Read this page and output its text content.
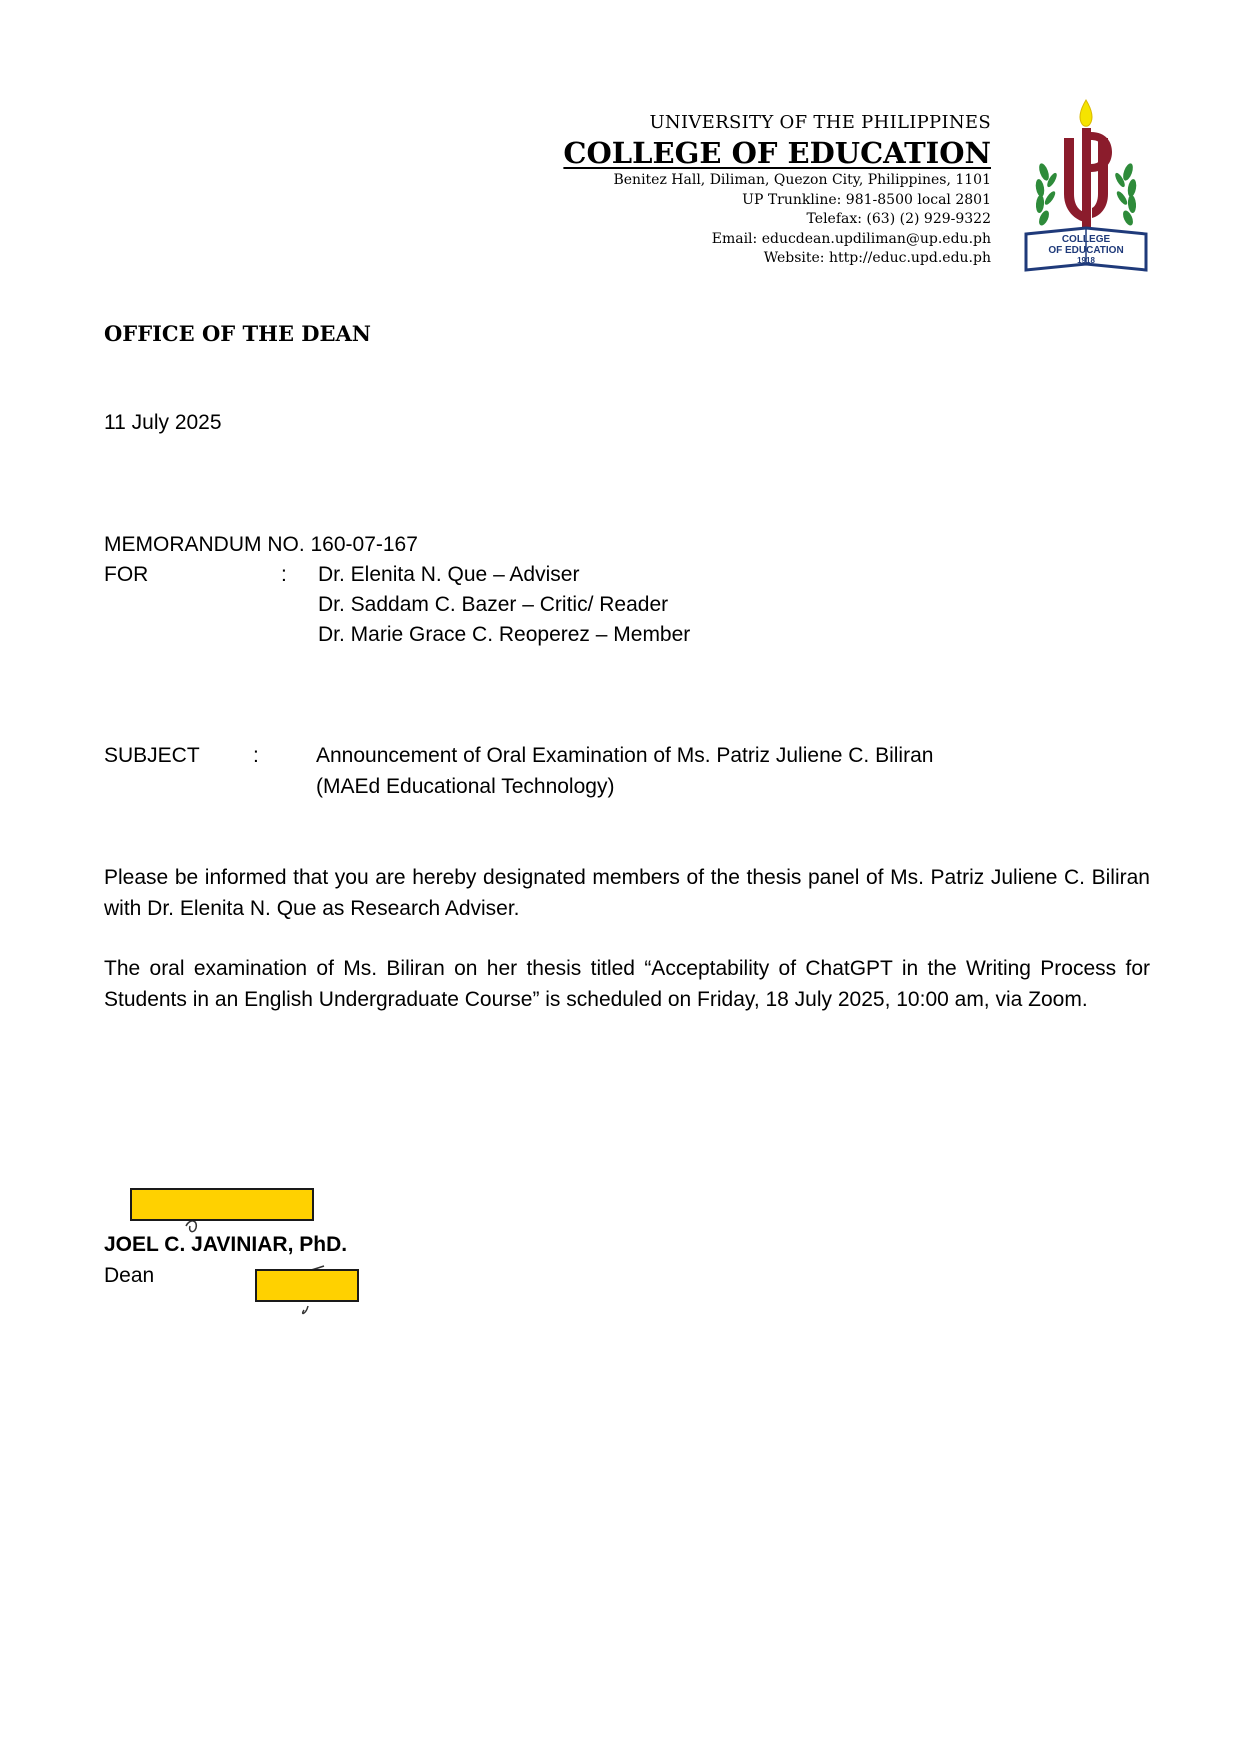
UNIVERSITY OF THE PHILIPPINES
COLLEGE OF EDUCATION
Benitez Hall, Diliman, Quezon City, Philippines, 1101
UP Trunkline: 981-8500 local 2801
Telefax: (63) (2) 929-9322
Email: educdean.updiliman@up.edu.ph
Website: http://educ.upd.edu.ph
COLLEGE
OF EDUCATION
1918
OFFICE OF THE DEAN
11 July 2025
MEMORANDUM NO. 160-07-167
FOR	: Dr. Elenita N. Que – Adviser
Dr. Saddam C. Bazer – Critic/ Reader
Dr. Marie Grace C. Reoperez – Member
SUBJECT	:	Announcement of Oral Examination of Ms. Patriz Juliene C. Biliran
(MAEd Educational Technology)
Please be informed that you are hereby designated members of the thesis panel of Ms. Patriz Juliene C. Biliran with Dr. Elenita N. Que as Research Adviser.
The oral examination of Ms. Biliran on her thesis titled “Acceptability of ChatGPT in the Writing Process for Students in an English Undergraduate Course” is scheduled on Friday, 18 July 2025, 10:00 am, via Zoom.
JOEL C. JAVINIAR, PhD.
Dean
